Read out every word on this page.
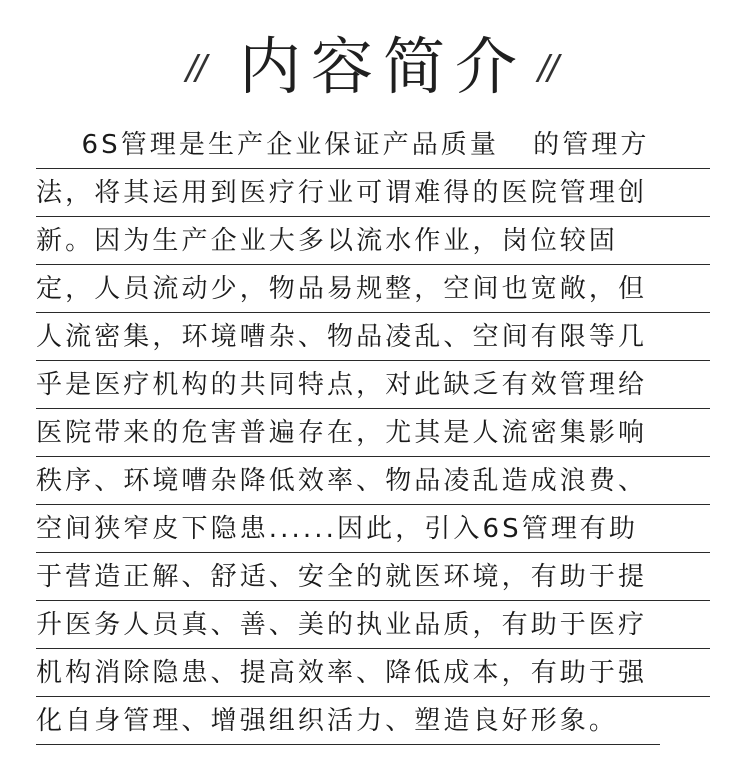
// 内容简介 //
6S管理是生产企业保证产品质量   的管理方
法，将其运用到医疗行业可谓难得的医院管理创
新。因为生产企业大多以流水作业，岗位较固
定，人员流动少，物品易规整，空间也宽敞，但
人流密集，环境嘈杂、物品凌乱、空间有限等几
乎是医疗机构的共同特点，对此缺乏有效管理给
医院带来的危害普遍存在，尤其是人流密集影响
秩序、环境嘈杂降低效率、物品凌乱造成浪费、
空间狭窄皮下隐患......因此，引入6S管理有助
于营造正解、舒适、安全的就医环境，有助于提
升医务人员真、善、美的执业品质，有助于医疗
机构消除隐患、提高效率、降低成本，有助于强
化自身管理、增强组织活力、塑造良好形象。
